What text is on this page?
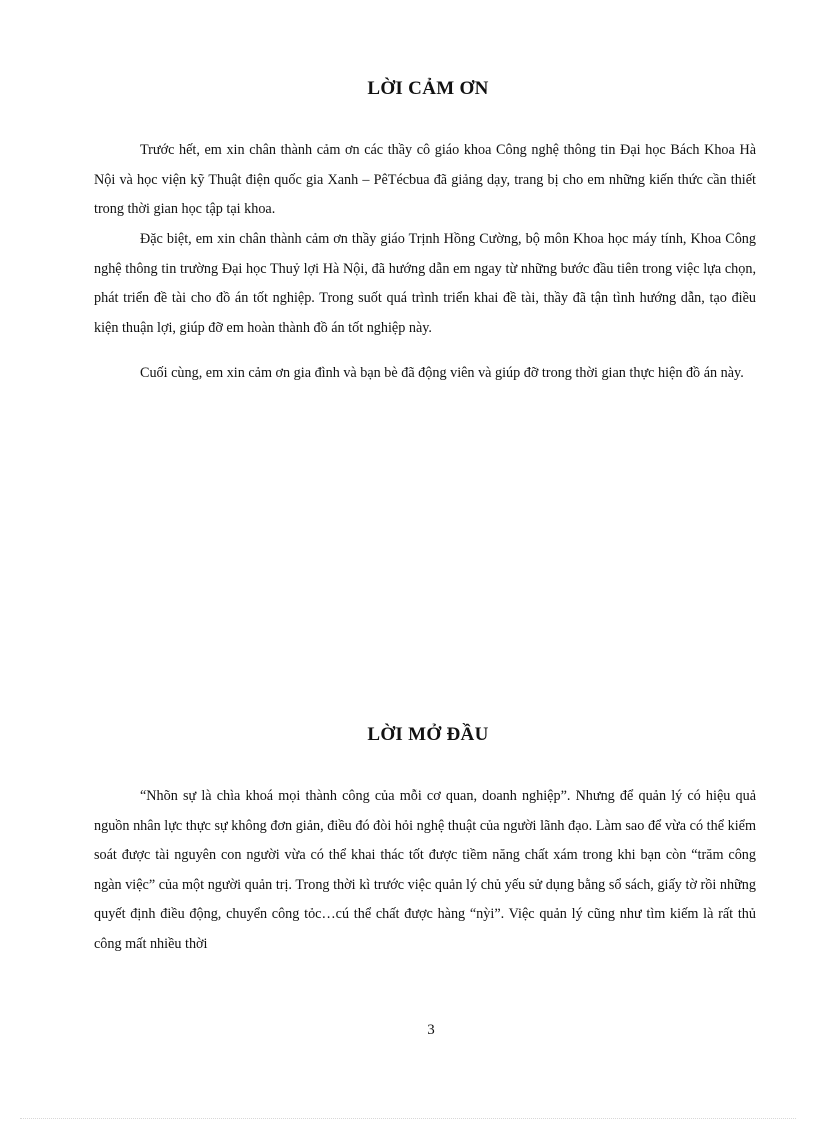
LỜI CẢM ƠN

Trước hết, em xin chân thành cảm ơn các thầy cô giáo khoa Công nghệ thông tin Đại học Bách Khoa Hà Nội và học viện kỹ Thuật điện quốc gia Xanh – PêTécbua đã giảng dạy, trang bị cho em những kiến thức cần thiết trong thời gian học tập tại khoa.

Đặc biệt, em xin chân thành cảm ơn thầy giáo Trịnh Hồng Cường, bộ môn Khoa học máy tính, Khoa Công nghệ thông tin trường Đại học Thuỷ lợi Hà Nội, đã hướng dẫn em ngay từ những bước đầu tiên trong việc lựa chọn, phát triển đề tài cho đồ án tốt nghiệp. Trong suốt quá trình triển khai đề tài, thầy đã tận tình hướng dẫn, tạo điều kiện thuận lợi, giúp đỡ em hoàn thành đồ án tốt nghiệp này.

Cuối cùng, em xin cảm ơn gia đình và bạn bè đã động viên và giúp đỡ trong thời gian thực hiện đồ án này.

LỜI MỞ ĐẦU

“Nhõn sự là chìa khoá mọi thành công của mỗi cơ quan, doanh nghiệp”. Nhưng để quản lý có hiệu quả nguồn nhân lực thực sự không đơn giản, điều đó đòi hỏi nghệ thuật của người lãnh đạo. Làm sao để vừa có thể kiểm soát được tài nguyên con người vừa có thể khai thác tốt được tiềm năng chất xám trong khi bạn còn “trăm công ngàn việc” của một người quản trị. Trong thời kì trước việc quản lý chủ yếu sử dụng bằng sổ sách, giấy tờ rồi những quyết định điều động, chuyển công tỏc…cú thể chất được hàng “nỳi”. Việc quản lý cũng như tìm kiếm là rất thủ công mất nhiều thời

3
